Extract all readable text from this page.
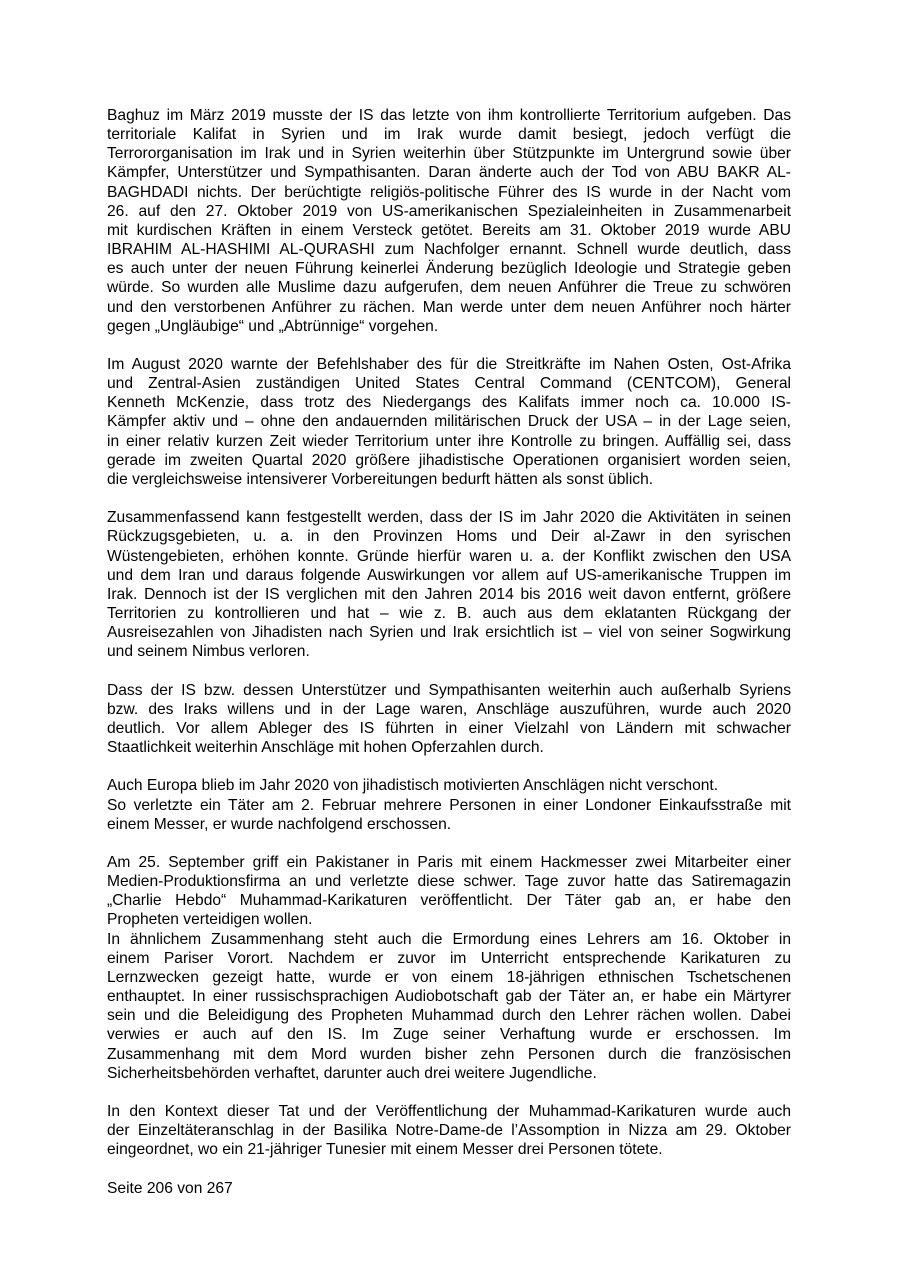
Baghuz im März 2019 musste der IS das letzte von ihm kontrollierte Territorium aufgeben. Das
territoriale Kalifat in Syrien und im Irak wurde damit besiegt, jedoch verfügt die
Terrororganisation im Irak und in Syrien weiterhin über Stützpunkte im Untergrund sowie über
Kämpfer, Unterstützer und Sympathisanten. Daran änderte auch der Tod von ABU BAKR AL-
BAGHDADI nichts. Der berüchtigte religiös-politische Führer des IS wurde in der Nacht vom
26. auf den 27. Oktober 2019 von US-amerikanischen Spezialeinheiten in Zusammenarbeit
mit kurdischen Kräften in einem Versteck getötet. Bereits am 31. Oktober 2019 wurde ABU
IBRAHIM AL-HASHIMI AL-QURASHI zum Nachfolger ernannt. Schnell wurde deutlich, dass
es auch unter der neuen Führung keinerlei Änderung bezüglich Ideologie und Strategie geben
würde. So wurden alle Muslime dazu aufgerufen, dem neuen Anführer die Treue zu schwören
und den verstorbenen Anführer zu rächen. Man werde unter dem neuen Anführer noch härter
gegen „Ungläubige“ und „Abtrünnige“ vorgehen.
Im August 2020 warnte der Befehlshaber des für die Streitkräfte im Nahen Osten, Ost-Afrika
und Zentral-Asien zuständigen United States Central Command (CENTCOM), General
Kenneth McKenzie, dass trotz des Niedergangs des Kalifats immer noch ca. 10.000 IS-
Kämpfer aktiv und – ohne den andauernden militärischen Druck der USA – in der Lage seien,
in einer relativ kurzen Zeit wieder Territorium unter ihre Kontrolle zu bringen. Auffällig sei, dass
gerade im zweiten Quartal 2020 größere jihadistische Operationen organisiert worden seien,
die vergleichsweise intensiverer Vorbereitungen bedurft hätten als sonst üblich.
Zusammenfassend kann festgestellt werden, dass der IS im Jahr 2020 die Aktivitäten in seinen
Rückzugsgebieten, u. a. in den Provinzen Homs und Deir al-Zawr in den syrischen
Wüstengebieten, erhöhen konnte. Gründe hierfür waren u. a. der Konflikt zwischen den USA
und dem Iran und daraus folgende Auswirkungen vor allem auf US-amerikanische Truppen im
Irak. Dennoch ist der IS verglichen mit den Jahren 2014 bis 2016 weit davon entfernt, größere
Territorien zu kontrollieren und hat – wie z. B. auch aus dem eklatanten Rückgang der
Ausreisezahlen von Jihadisten nach Syrien und Irak ersichtlich ist – viel von seiner Sogwirkung
und seinem Nimbus verloren.
Dass der IS bzw. dessen Unterstützer und Sympathisanten weiterhin auch außerhalb Syriens
bzw. des Iraks willens und in der Lage waren, Anschläge auszuführen, wurde auch 2020
deutlich. Vor allem Ableger des IS führten in einer Vielzahl von Ländern mit schwacher
Staatlichkeit weiterhin Anschläge mit hohen Opferzahlen durch.
Auch Europa blieb im Jahr 2020 von jihadistisch motivierten Anschlägen nicht verschont.
So verletzte ein Täter am 2. Februar mehrere Personen in einer Londoner Einkaufsstraße mit
einem Messer, er wurde nachfolgend erschossen.
Am 25. September griff ein Pakistaner in Paris mit einem Hackmesser zwei Mitarbeiter einer
Medien-Produktionsfirma an und verletzte diese schwer. Tage zuvor hatte das Satiremagazin
„Charlie Hebdo“ Muhammad-Karikaturen veröffentlicht. Der Täter gab an, er habe den
Propheten verteidigen wollen.
In ähnlichem Zusammenhang steht auch die Ermordung eines Lehrers am 16. Oktober in
einem Pariser Vorort. Nachdem er zuvor im Unterricht entsprechende Karikaturen zu
Lernzwecken gezeigt hatte, wurde er von einem 18-jährigen ethnischen Tschetschenen
enthauptet. In einer russischsprachigen Audiobotschaft gab der Täter an, er habe ein Märtyrer
sein und die Beleidigung des Propheten Muhammad durch den Lehrer rächen wollen. Dabei
verwies er auch auf den IS. Im Zuge seiner Verhaftung wurde er erschossen. Im
Zusammenhang mit dem Mord wurden bisher zehn Personen durch die französischen
Sicherheitsbehörden verhaftet, darunter auch drei weitere Jugendliche.
In den Kontext dieser Tat und der Veröffentlichung der Muhammad-Karikaturen wurde auch
der Einzeltäteranschlag in der Basilika Notre-Dame-de l’Assomption in Nizza am 29. Oktober
eingeordnet, wo ein 21-jähriger Tunesier mit einem Messer drei Personen tötete.
Seite 206 von 267
